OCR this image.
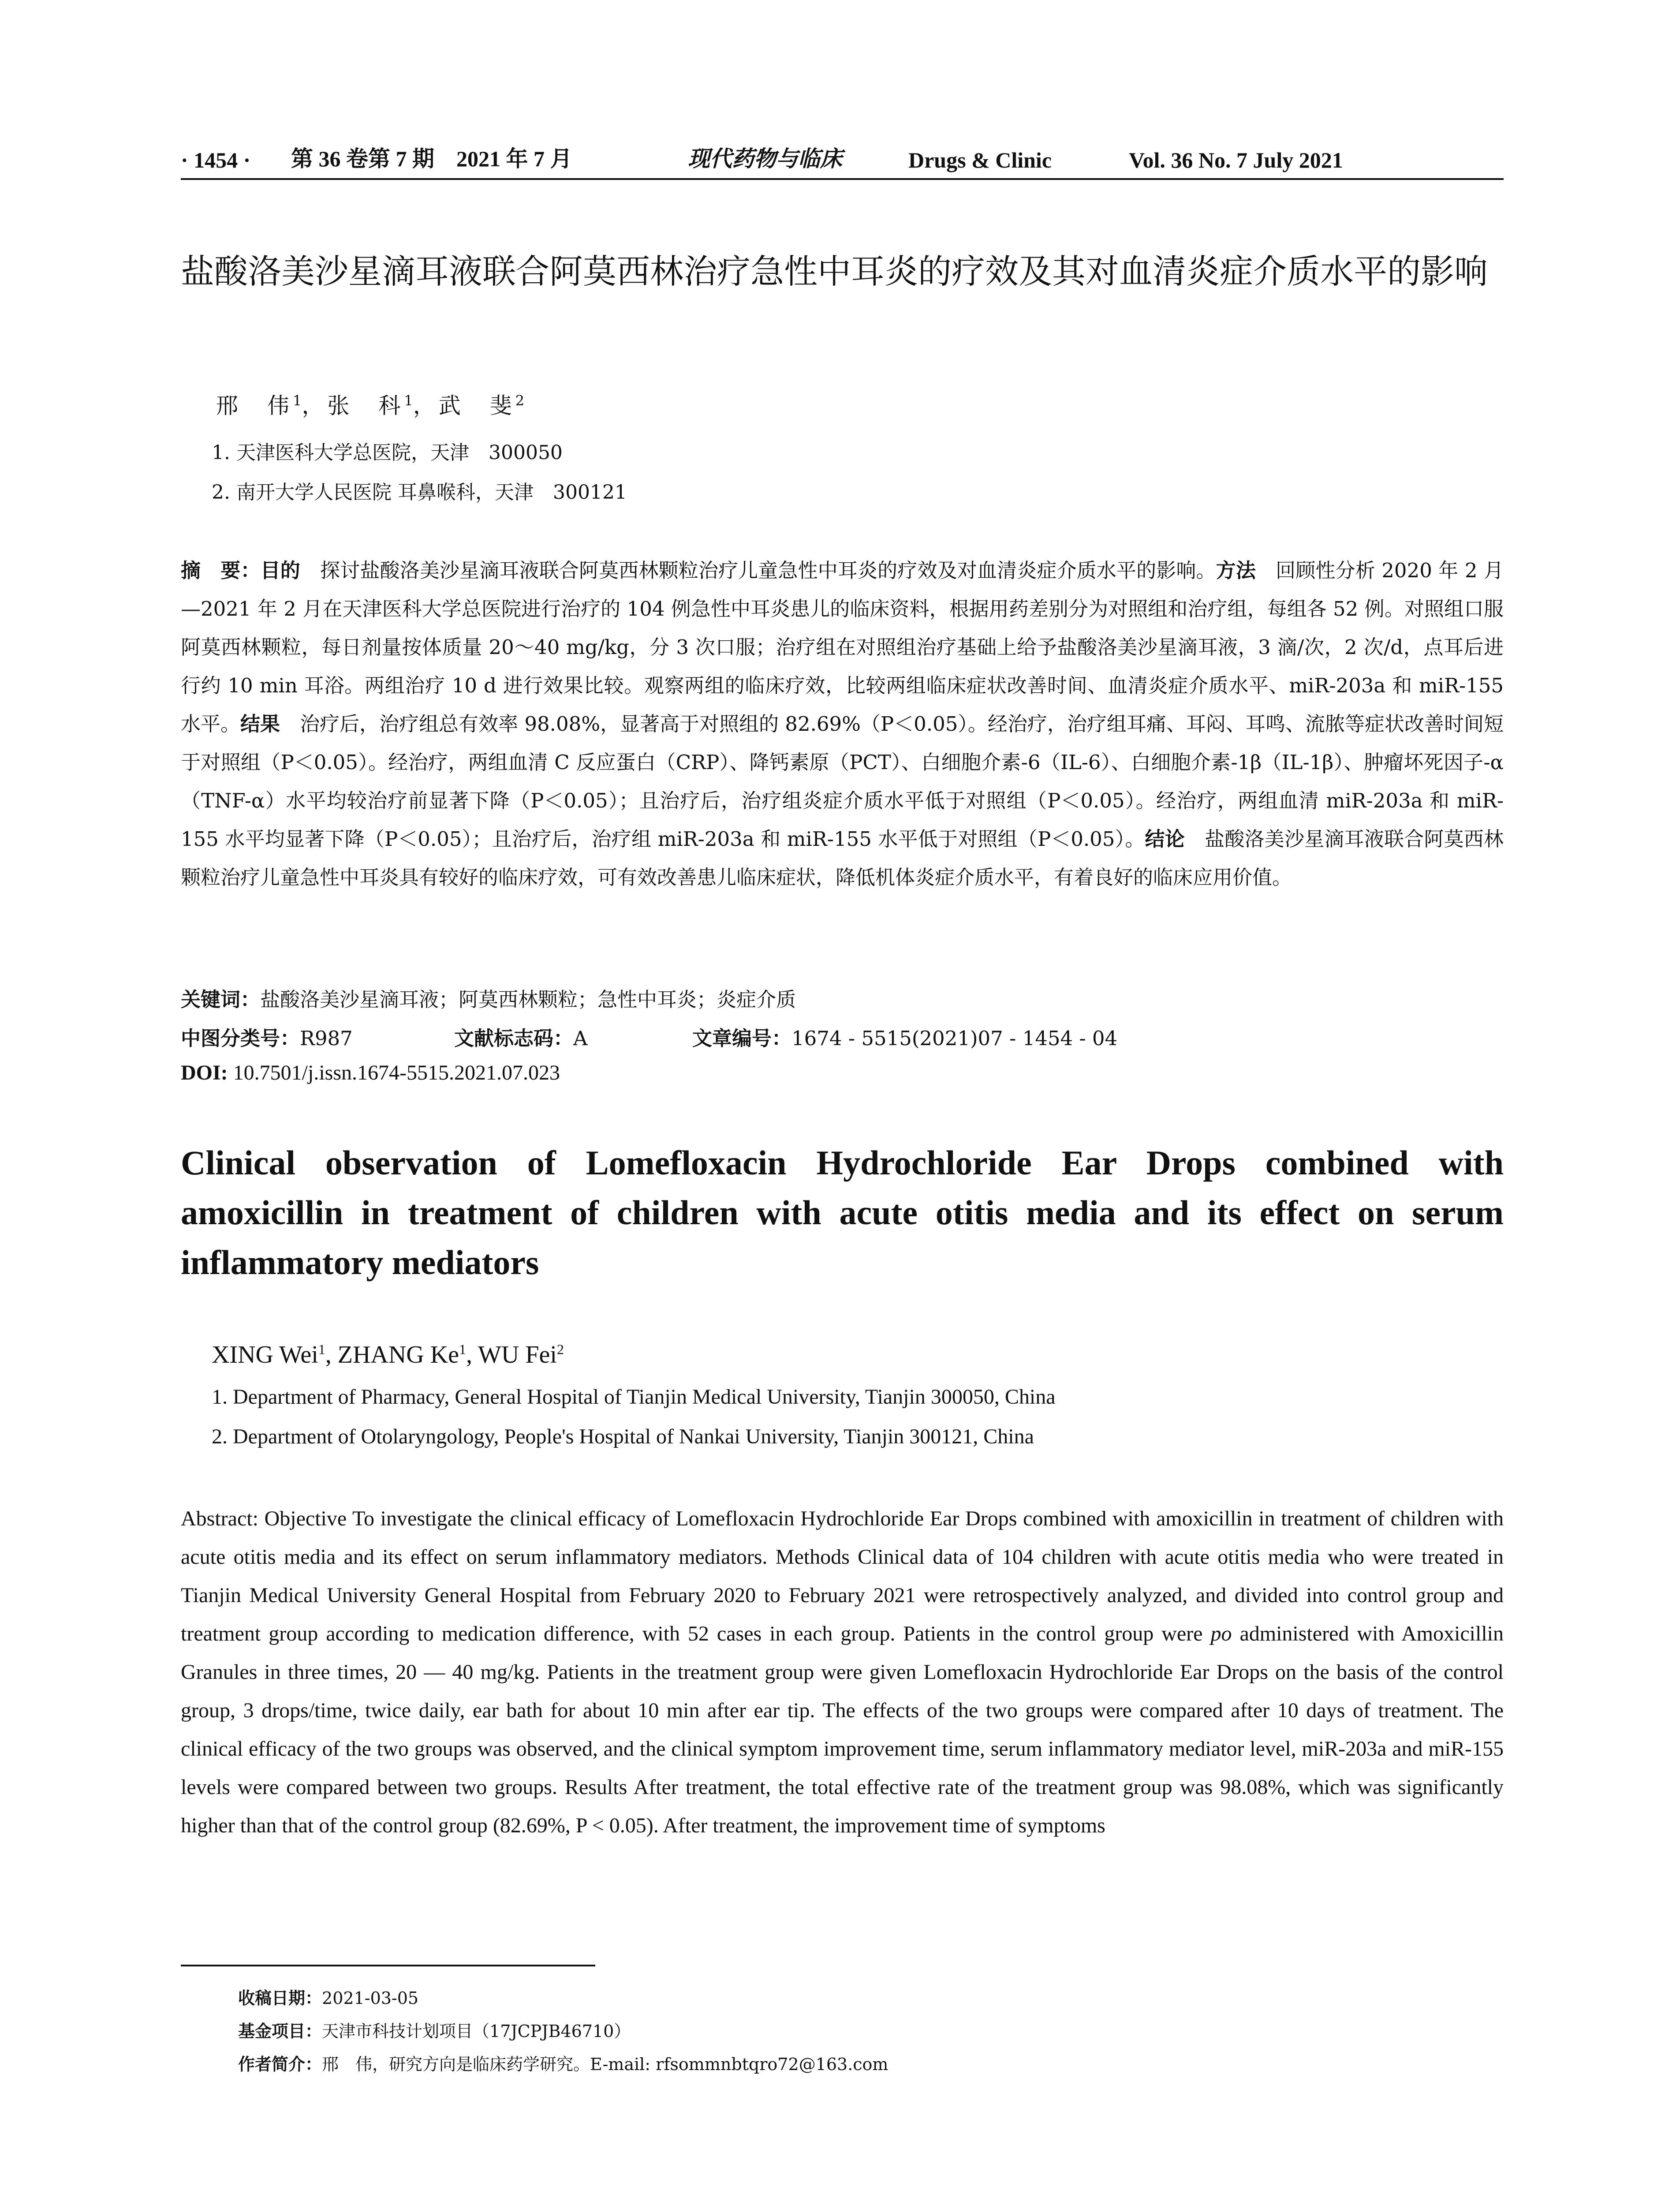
· 1454 ·	第 36 卷第 7 期　2021 年 7 月	现代药物与临床	Drugs & Clinic	Vol. 36 No. 7 July 2021
盐酸洛美沙星滴耳液联合阿莫西林治疗急性中耳炎的疗效及其对血清炎症介质水平的影响
邢　伟$^1$，张　科$^1$，武　斐$^2$
1. 天津医科大学总医院，天津　300050
2. 南开大学人民医院 耳鼻喉科，天津　300121

摘　要：目的　探讨盐酸洛美沙星滴耳液联合阿莫西林颗粒治疗儿童急性中耳炎的疗效及对血清炎症介质水平的影响。方法　回顾性分析 2020 年 2 月—2021 年 2 月在天津医科大学总医院进行治疗的 104 例急性中耳炎患儿的临床资料，根据用药差别分为对照组和治疗组，每组各 52 例。对照组口服阿莫西林颗粒，每日剂量按体质量 20～40 mg/kg，分 3 次口服；治疗组在对照组治疗基础上给予盐酸洛美沙星滴耳液，3 滴/次，2 次/d，点耳后进行约 10 min 耳浴。两组治疗 10 d 进行效果比较。观察两组的临床疗效，比较两组临床症状改善时间、血清炎症介质水平、miR-203a 和 miR-155 水平。结果　治疗后，治疗组总有效率 98.08%，显著高于对照组的 82.69%（P＜0.05）。经治疗，治疗组耳痛、耳闷、耳鸣、流脓等症状改善时间短于对照组（P＜0.05）。经治疗，两组血清 C 反应蛋白（CRP）、降钙素原（PCT）、白细胞介素-6（IL-6）、白细胞介素-1β（IL-1β）、肿瘤坏死因子-α（TNF-α）水平均较治疗前显著下降（P＜0.05）；且治疗后，治疗组炎症介质水平低于对照组（P＜0.05）。经治疗，两组血清 miR-203a 和 miR-155 水平均显著下降（P＜0.05）；且治疗后，治疗组 miR-203a 和 miR-155 水平低于对照组（P＜0.05）。结论　盐酸洛美沙星滴耳液联合阿莫西林颗粒治疗儿童急性中耳炎具有较好的临床疗效，可有效改善患儿临床症状，降低机体炎症介质水平，有着良好的临床应用价值。

关键词：盐酸洛美沙星滴耳液；阿莫西林颗粒；急性中耳炎；炎症介质
中图分类号：R987	文献标志码：A	文章编号：1674 - 5515(2021)07 - 1454 - 04
DOI: 10.7501/j.issn.1674-5515.2021.07.023
Clinical observation of Lomefloxacin Hydrochloride Ear Drops combined with amoxicillin in treatment of children with acute otitis media and its effect on serum inflammatory mediators
XING Wei$^1$, ZHANG Ke$^1$, WU Fei$^2$
1. Department of Pharmacy, General Hospital of Tianjin Medical University, Tianjin 300050, China
2. Department of Otolaryngology, People's Hospital of Nankai University, Tianjin 300121, China

Abstract: Objective To investigate the clinical efficacy of Lomefloxacin Hydrochloride Ear Drops combined with amoxicillin in treatment of children with acute otitis media and its effect on serum inflammatory mediators. Methods Clinical data of 104 children with acute otitis media who were treated in Tianjin Medical University General Hospital from February 2020 to February 2021 were retrospectively analyzed, and divided into control group and treatment group according to medication difference, with 52 cases in each group. Patients in the control group were po administered with Amoxicillin Granules in three times, 20 — 40 mg/kg. Patients in the treatment group were given Lomefloxacin Hydrochloride Ear Drops on the basis of the control group, 3 drops/time, twice daily, ear bath for about 10 min after ear tip. The effects of the two groups were compared after 10 days of treatment. The clinical efficacy of the two groups was observed, and the clinical symptom improvement time, serum inflammatory mediator level, miR-203a and miR-155 levels were compared between two groups. Results After treatment, the total effective rate of the treatment group was 98.08%, which was significantly higher than that of the control group (82.69%, P < 0.05). After treatment, the improvement time of symptoms

收稿日期：2021-03-05
基金项目：天津市科技计划项目（17JCPJB46710）
作者简介：邢　伟，研究方向是临床药学研究。E-mail: rfsommnbtqro72@163.com
